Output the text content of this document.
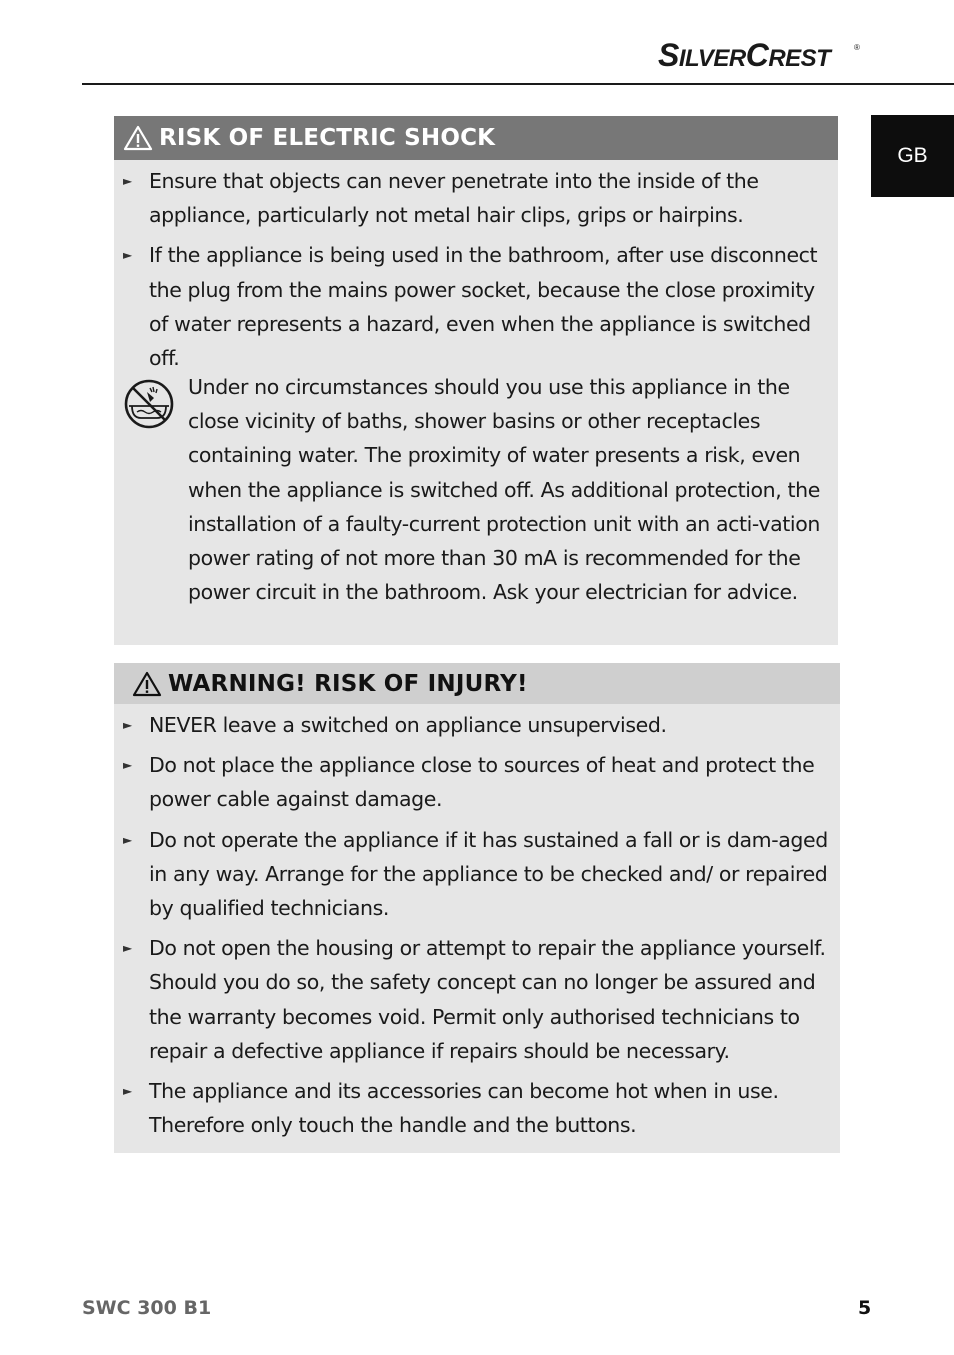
SILVERCREST	®
GB
RISK OF ELECTRIC SHOCK
► Ensure that objects can never penetrate into the inside of the appliance, particularly not metal hair clips, grips or hairpins.
► If the appliance is being used in the bathroom, after use disconnect the plug from the mains power socket, because the close proximity of water represents a hazard, even when the appliance is switched off.

Under no circumstances should you use this appliance in the close vicinity of baths, shower basins or other receptacles containing water. The proximity of water presents a risk, even when the appliance is switched off. As additional protection, the installation of a faulty-current protection unit with an acti-vation power rating of not more than 30 mA is recommended for the power circuit in the bathroom. Ask your electrician for advice.

WARNING! RISK OF INJURY!
► NEVER leave a switched on appliance unsupervised.
► Do not place the appliance close to sources of heat and protect the power cable against damage.
► Do not operate the appliance if it has sustained a fall or is dam-aged in any way. Arrange for the appliance to be checked and/ or repaired by qualified technicians.
► Do not open the housing or attempt to repair the appliance yourself. Should you do so, the safety concept can no longer be assured and the warranty becomes void. Permit only authorised technicians to repair a defective appliance if repairs should be necessary.
► The appliance and its accessories can become hot when in use. Therefore only touch the handle and the buttons.
SWC 300 B1	5
